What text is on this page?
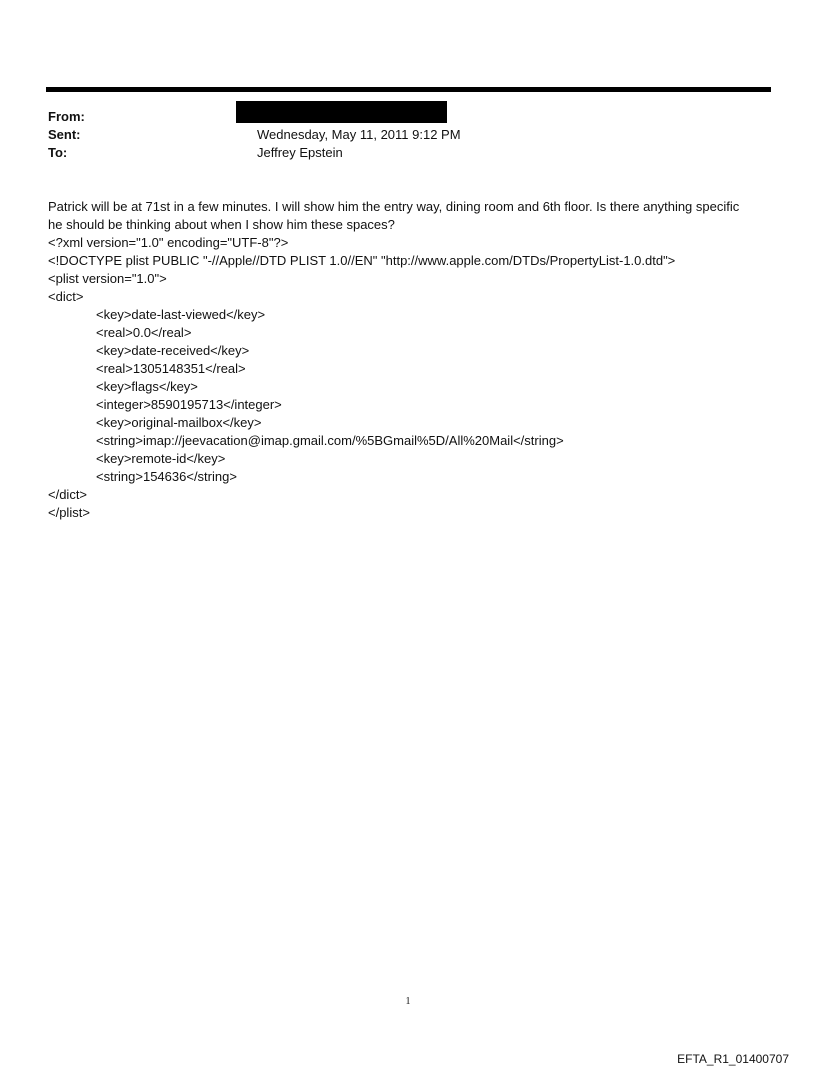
From:
Sent:	Wednesday, May 11, 2011 9:12 PM
To:	Jeffrey Epstein

Patrick will be at 71st in a few minutes. I will show him the entry way, dining room and 6th floor. Is there anything specific he should be thinking about when I show him these spaces?

<?xml version="1.0" encoding="UTF-8"?>
<!DOCTYPE plist PUBLIC "-//Apple//DTD PLIST 1.0//EN" "http://www.apple.com/DTDs/PropertyList-1.0.dtd">
<plist version="1.0">
<dict>
<key>date-last-viewed</key>
<real>0.0</real>
<key>date-received</key>
<real>1305148351</real>
<key>flags</key>
<integer>8590195713</integer>
<key>original-mailbox</key>
<string>imap://jeevacation@imap.gmail.com/%5BGmail%5D/All%20Mail</string>
<key>remote-id</key>
<string>154636</string>
</dict>
</plist>
1
EFTA_R1_01400707
